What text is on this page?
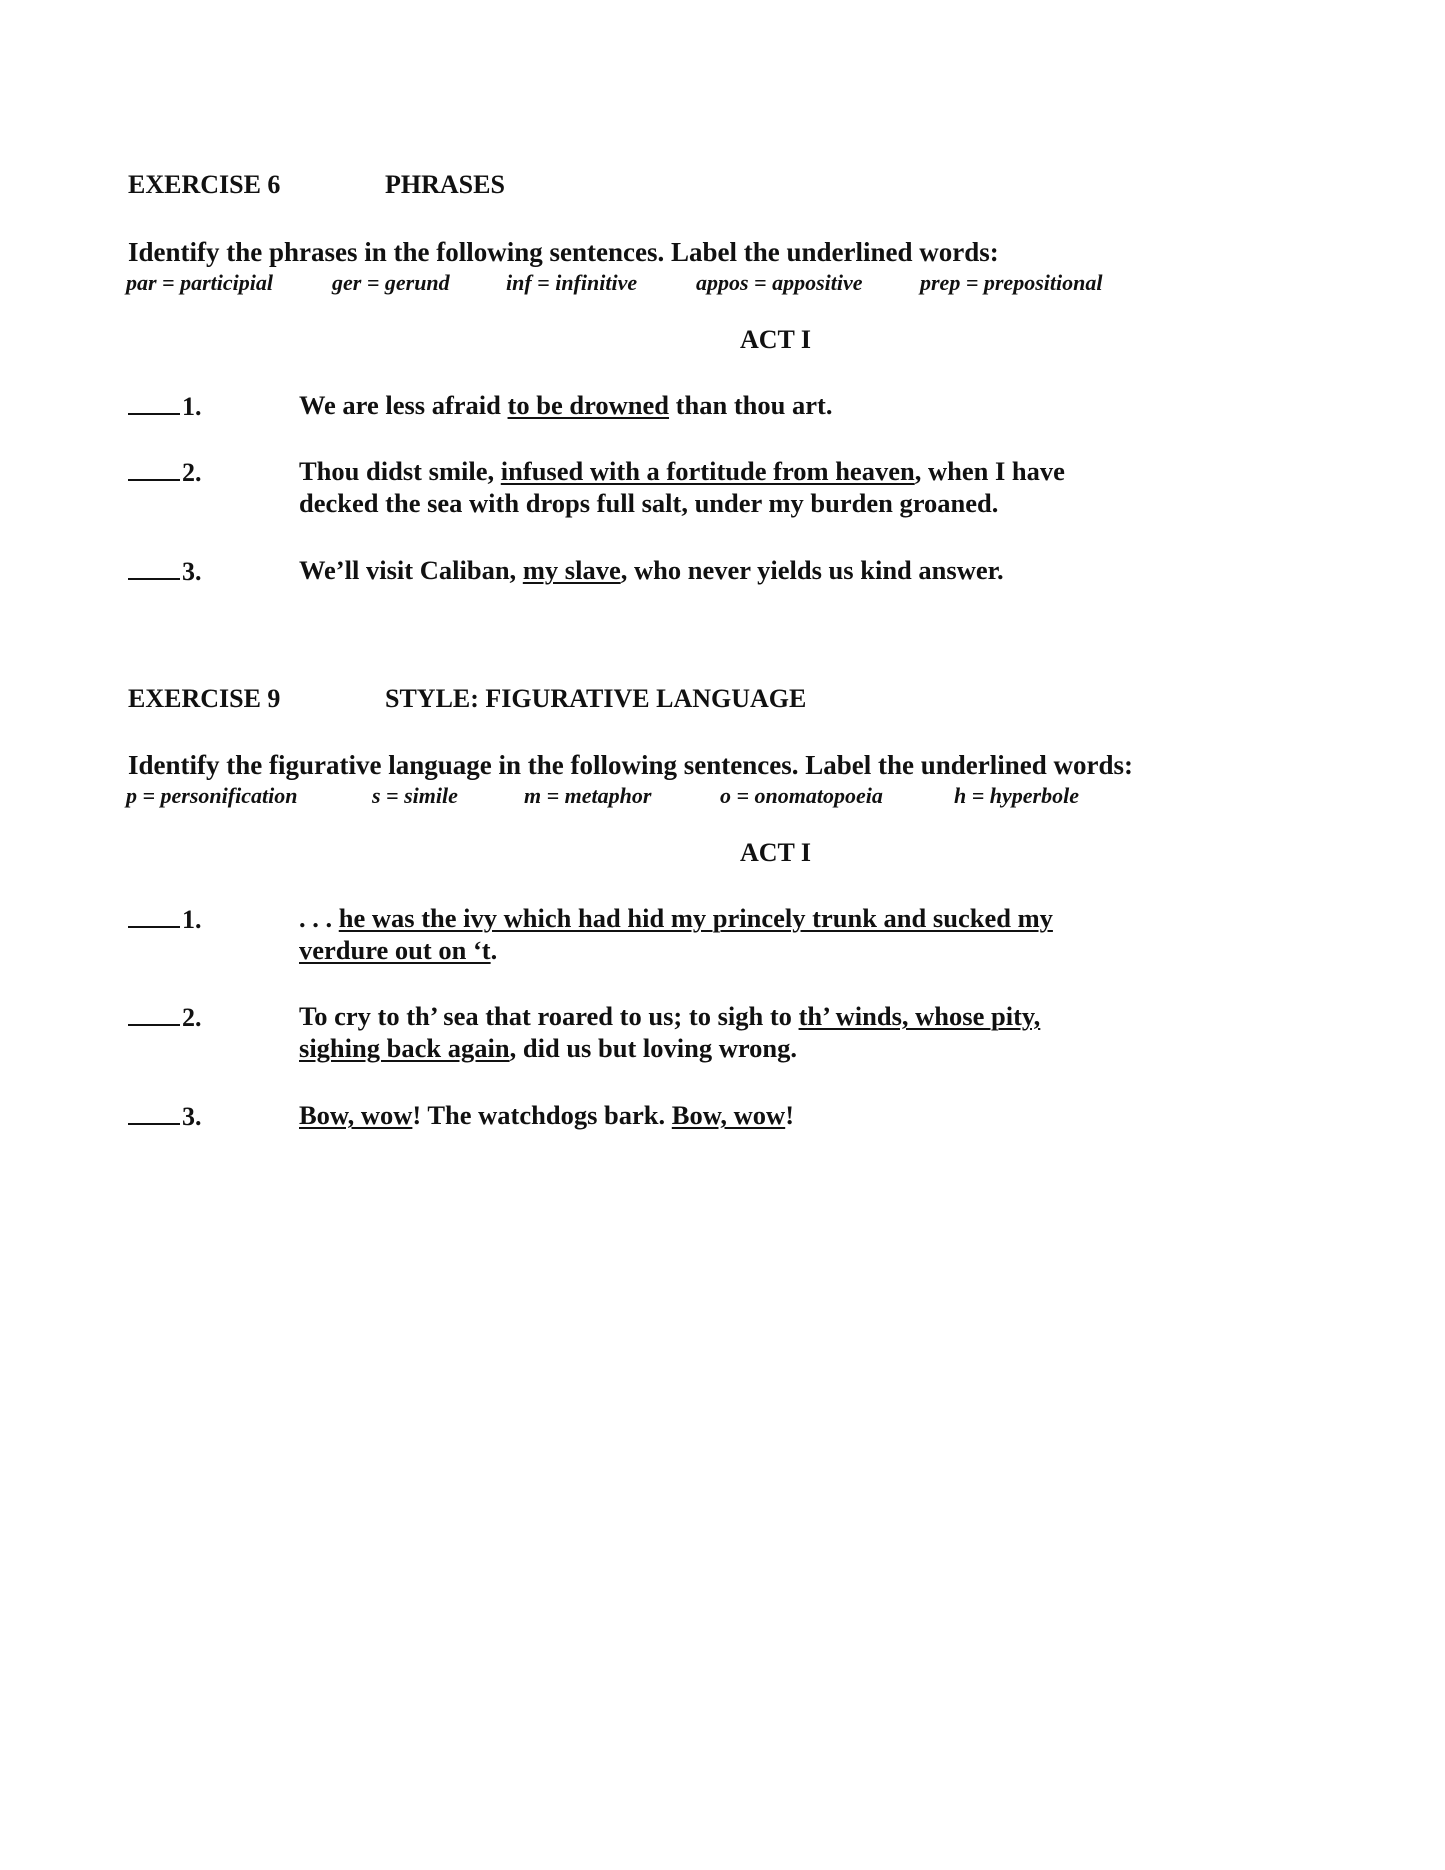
EXERCISE 6	PHRASES
Identify the phrases in the following sentences. Label the underlined words:
par = participial	ger = gerund	inf = infinitive	appos = appositive	prep = prepositional
ACT I
1.	We are less afraid to be drowned than thou art.
2.	Thou didst smile, infused with a fortitude from heaven, when I have
decked the sea with drops full salt, under my burden groaned.
3.	We’ll visit Caliban, my slave, who never yields us kind answer.
EXERCISE 9	STYLE: FIGURATIVE LANGUAGE
Identify the figurative language in the following sentences. Label the underlined words:
p = personification	s = simile	m = metaphor	o = onomatopoeia	h = hyperbole
ACT I
1.	. . . he was the ivy which had hid my princely trunk and sucked my
verdure out on ‘t.
2.	To cry to th’ sea that roared to us; to sigh to th’ winds, whose pity,
sighing back again, did us but loving wrong.
3.	Bow, wow! The watchdogs bark. Bow, wow!
